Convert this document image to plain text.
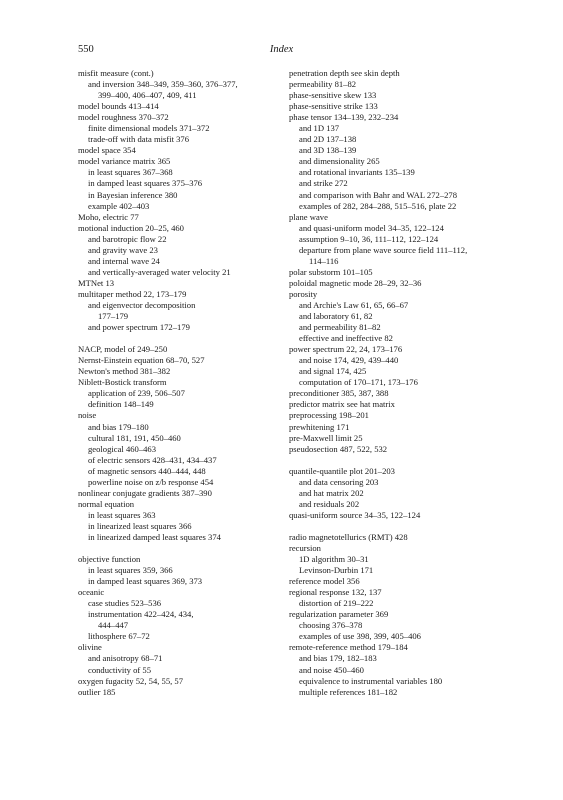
550	Index
misfit measure (cont.)
and inversion 348–349, 359–360, 376–377,
399–400, 406–407, 409, 411
model bounds 413–414
model roughness 370–372
finite dimensional models 371–372
trade-off with data misfit 376
model space 354
model variance matrix 365
in least squares 367–368
in damped least squares 375–376
in Bayesian inference 380
example 402–403
Moho, electric 77
motional induction 20–25, 460
and barotropic flow 22
and gravity wave 23
and internal wave 24
and vertically-averaged water velocity 21
MTNet 13
multitaper method 22, 173–179
and eigenvector decomposition
177–179
and power spectrum 172–179
NACP, model of 249–250
Nernst-Einstein equation 68–70, 527
Newton's method 381–382
Niblett-Bostick transform
application of 239, 506–507
definition 148–149
noise
and bias 179–180
cultural 181, 191, 450–460
geological 460–463
of electric sensors 428–431, 434–437
of magnetic sensors 440–444, 448
powerline noise on z/b response 454
nonlinear conjugate gradients 387–390
normal equation
in least squares 363
in linearized least squares 366
in linearized damped least squares 374
objective function
in least squares 359, 366
in damped least squares 369, 373
oceanic
case studies 523–536
instrumentation 422–424, 434,
444–447
lithosphere 67–72
olivine
and anisotropy 68–71
conductivity of 55
oxygen fugacity 52, 54, 55, 57
outlier 185
penetration depth see skin depth
permeability 81–82
phase-sensitive skew 133
phase-sensitive strike 133
phase tensor 134–139, 232–234
and 1D 137
and 2D 137–138
and 3D 138–139
and dimensionality 265
and rotational invariants 135–139
and strike 272
and comparison with Bahr and WAL 272–278
examples of 282, 284–288, 515–516, plate 22
plane wave
and quasi-uniform model 34–35, 122–124
assumption 9–10, 36, 111–112, 122–124
departure from plane wave source field 111–112,
114–116
polar substorm 101–105
poloidal magnetic mode 28–29, 32–36
porosity
and Archie's Law 61, 65, 66–67
and laboratory 61, 82
and permeability 81–82
effective and ineffective 82
power spectrum 22, 24, 173–176
and noise 174, 429, 439–440
and signal 174, 425
computation of 170–171, 173–176
preconditioner 385, 387, 388
predictor matrix see hat matrix
preprocessing 198–201
prewhitening 171
pre-Maxwell limit 25
pseudosection 487, 522, 532
quantile-quantile plot 201–203
and data censoring 203
and hat matrix 202
and residuals 202
quasi-uniform source 34–35, 122–124
radio magnetotellurics (RMT) 428
recursion
1D algorithm 30–31
Levinson-Durbin 171
reference model 356
regional response 132, 137
distortion of 219–222
regularization parameter 369
choosing 376–378
examples of use 398, 399, 405–406
remote-reference method 179–184
and bias 179, 182–183
and noise 450–460
equivalence to instrumental variables 180
multiple references 181–182
